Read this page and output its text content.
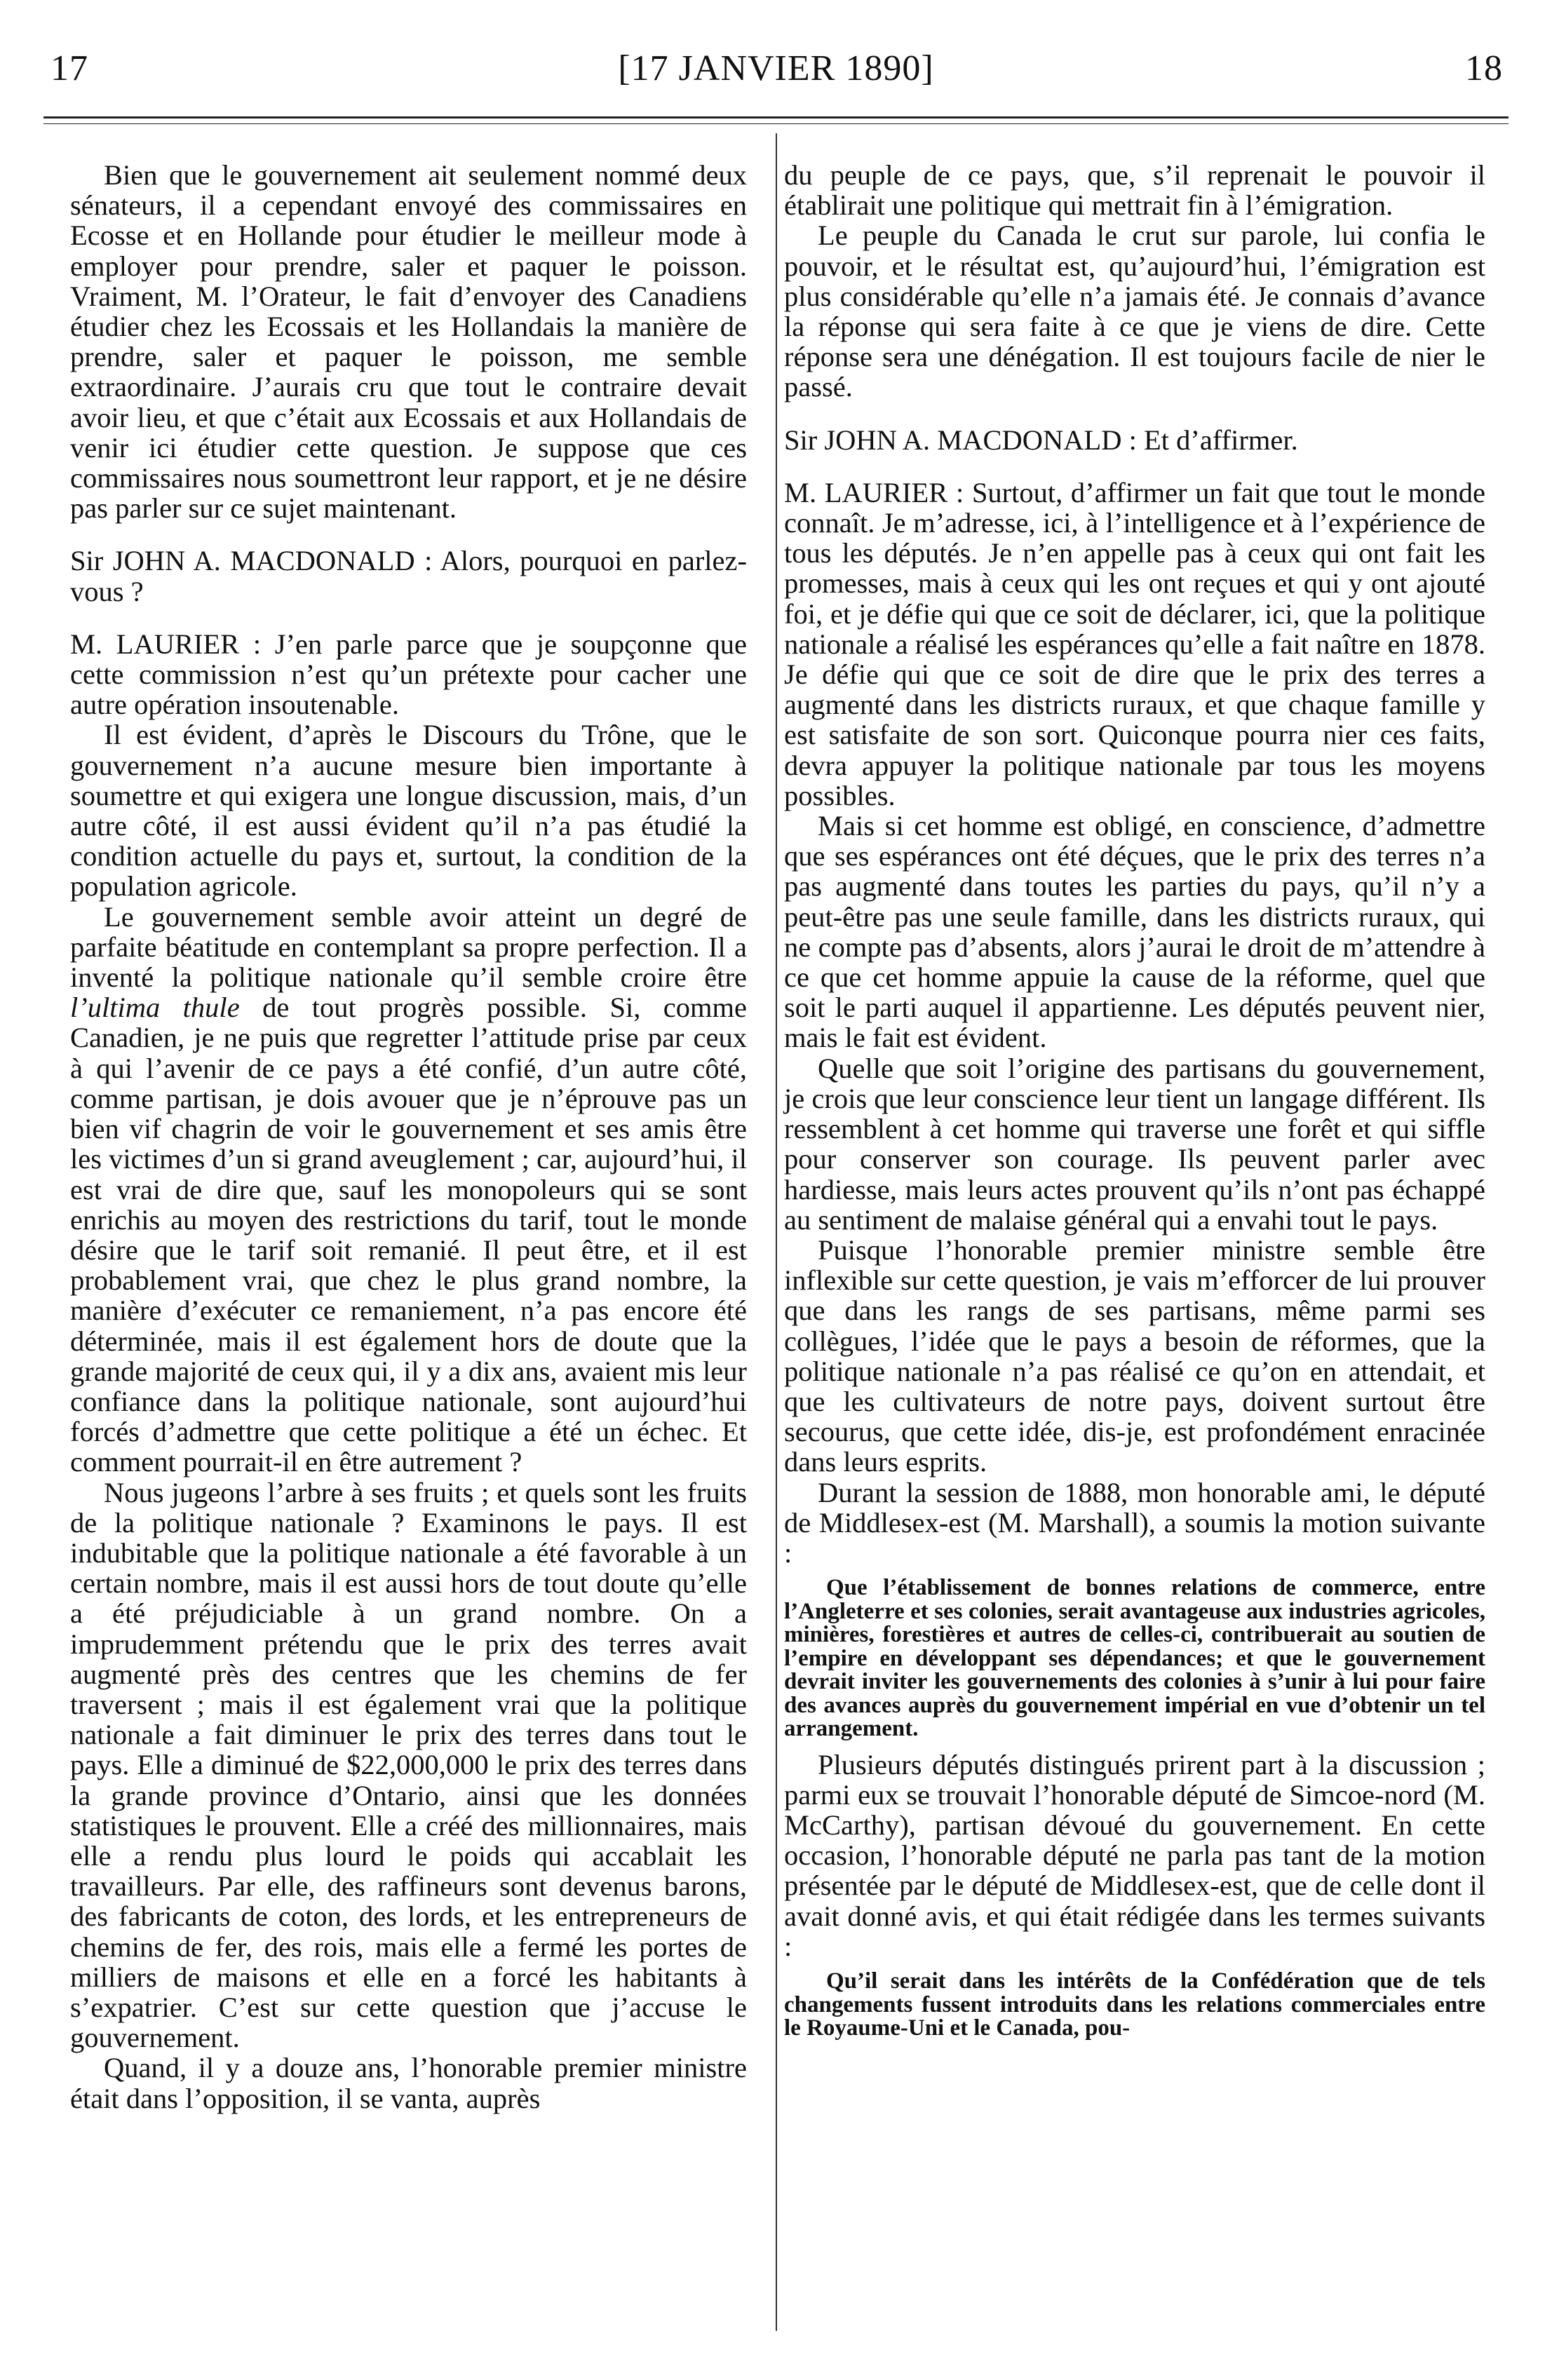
17	[17 JANVIER 1890]	18

Bien que le gouvernement ait seulement nommé deux sénateurs, il a cependant envoyé des commissaires en Ecosse et en Hollande pour étudier le meilleur mode à employer pour prendre, saler et paquer le poisson. Vraiment, M. l’Orateur, le fait d’envoyer des Canadiens étudier chez les Ecossais et les Hollandais la manière de prendre, saler et paquer le poisson, me semble extraordinaire. J’aurais cru que tout le contraire devait avoir lieu, et que c’était aux Ecossais et aux Hollandais de venir ici étudier cette question. Je suppose que ces commissaires nous soumettront leur rapport, et je ne désire pas parler sur ce sujet maintenant.

Sir JOHN A. MACDONALD : Alors, pourquoi en parlez-vous ?

M. LAURIER : J’en parle parce que je soupçonne que cette commission n’est qu’un prétexte pour cacher une autre opération insoutenable.

Il est évident, d’après le Discours du Trône, que le gouvernement n’a aucune mesure bien importante à soumettre et qui exigera une longue discussion, mais, d’un autre côté, il est aussi évident qu’il n’a pas étudié la condition actuelle du pays et, surtout, la condition de la population agricole.

Le gouvernement semble avoir atteint un degré de parfaite béatitude en contemplant sa propre perfection. Il a inventé la politique nationale qu’il semble croire être l’ultima thule de tout progrès possible. Si, comme Canadien, je ne puis que regretter l’attitude prise par ceux à qui l’avenir de ce pays a été confié, d’un autre côté, comme partisan, je dois avouer que je n’éprouve pas un bien vif chagrin de voir le gouvernement et ses amis être les victimes d’un si grand aveuglement ; car, aujourd’hui, il est vrai de dire que, sauf les monopoleurs qui se sont enrichis au moyen des restrictions du tarif, tout le monde désire que le tarif soit remanié. Il peut être, et il est probablement vrai, que chez le plus grand nombre, la manière d’exécuter ce remaniement, n’a pas encore été déterminée, mais il est également hors de doute que la grande majorité de ceux qui, il y a dix ans, avaient mis leur confiance dans la politique nationale, sont aujourd’hui forcés d’admettre que cette politique a été un échec. Et comment pourrait-il en être autrement ?

Nous jugeons l’arbre à ses fruits ; et quels sont les fruits de la politique nationale ? Examinons le pays. Il est indubitable que la politique nationale a été favorable à un certain nombre, mais il est aussi hors de tout doute qu’elle a été préjudiciable à un grand nombre. On a imprudemment prétendu que le prix des terres avait augmenté près des centres que les chemins de fer traversent ; mais il est également vrai que la politique nationale a fait diminuer le prix des terres dans tout le pays. Elle a diminué de $22,000,000 le prix des terres dans la grande province d’Ontario, ainsi que les données statistiques le prouvent. Elle a créé des millionnaires, mais elle a rendu plus lourd le poids qui accablait les travailleurs. Par elle, des raffineurs sont devenus barons, des fabricants de coton, des lords, et les entrepreneurs de chemins de fer, des rois, mais elle a fermé les portes de milliers de maisons et elle en a forcé les habitants à s’expatrier. C’est sur cette question que j’accuse le gouvernement.

Quand, il y a douze ans, l’honorable premier ministre était dans l’opposition, il se vanta, auprès

du peuple de ce pays, que, s’il reprenait le pouvoir il établirait une politique qui mettrait fin à l’émigration.

Le peuple du Canada le crut sur parole, lui confia le pouvoir, et le résultat est, qu’aujourd’hui, l’émigration est plus considérable qu’elle n’a jamais été. Je connais d’avance la réponse qui sera faite à ce que je viens de dire. Cette réponse sera une dénégation. Il est toujours facile de nier le passé.

Sir JOHN A. MACDONALD : Et d’affirmer.

M. LAURIER : Surtout, d’affirmer un fait que tout le monde connaît. Je m’adresse, ici, à l’intelligence et à l’expérience de tous les députés. Je n’en appelle pas à ceux qui ont fait les promesses, mais à ceux qui les ont reçues et qui y ont ajouté foi, et je défie qui que ce soit de déclarer, ici, que la politique nationale a réalisé les espérances qu’elle a fait naître en 1878. Je défie qui que ce soit de dire que le prix des terres a augmenté dans les districts ruraux, et que chaque famille y est satisfaite de son sort. Quiconque pourra nier ces faits, devra appuyer la politique nationale par tous les moyens possibles.

Mais si cet homme est obligé, en conscience, d’admettre que ses espérances ont été déçues, que le prix des terres n’a pas augmenté dans toutes les parties du pays, qu’il n’y a peut-être pas une seule famille, dans les districts ruraux, qui ne compte pas d’absents, alors j’aurai le droit de m’attendre à ce que cet homme appuie la cause de la réforme, quel que soit le parti auquel il appartienne. Les députés peuvent nier, mais le fait est évident.

Quelle que soit l’origine des partisans du gouvernement, je crois que leur conscience leur tient un langage différent. Ils ressemblent à cet homme qui traverse une forêt et qui siffle pour conserver son courage. Ils peuvent parler avec hardiesse, mais leurs actes prouvent qu’ils n’ont pas échappé au sentiment de malaise général qui a envahi tout le pays.

Puisque l’honorable premier ministre semble être inflexible sur cette question, je vais m’efforcer de lui prouver que dans les rangs de ses partisans, même parmi ses collègues, l’idée que le pays a besoin de réformes, que la politique nationale n’a pas réalisé ce qu’on en attendait, et que les cultivateurs de notre pays, doivent surtout être secourus, que cette idée, dis-je, est profondément enracinée dans leurs esprits.

Durant la session de 1888, mon honorable ami, le député de Middlesex-est (M. Marshall), a soumis la motion suivante :

Que l’établissement de bonnes relations de commerce, entre l’Angleterre et ses colonies, serait avantageuse aux industries agricoles, minières, forestières et autres de celles-ci, contribuerait au soutien de l’empire en développant ses dépendances; et que le gouvernement devrait inviter les gouvernements des colonies à s’unir à lui pour faire des avances auprès du gouvernement impérial en vue d’obtenir un tel arrangement.

Plusieurs députés distingués prirent part à la discussion ; parmi eux se trouvait l’honorable député de Simcoe-nord (M. McCarthy), partisan dévoué du gouvernement. En cette occasion, l’honorable député ne parla pas tant de la motion présentée par le député de Middlesex-est, que de celle dont il avait donné avis, et qui était rédigée dans les termes suivants :

Qu’il serait dans les intérêts de la Confédération que de tels changements fussent introduits dans les relations commerciales entre le Royaume-Uni et le Canada, pou-
